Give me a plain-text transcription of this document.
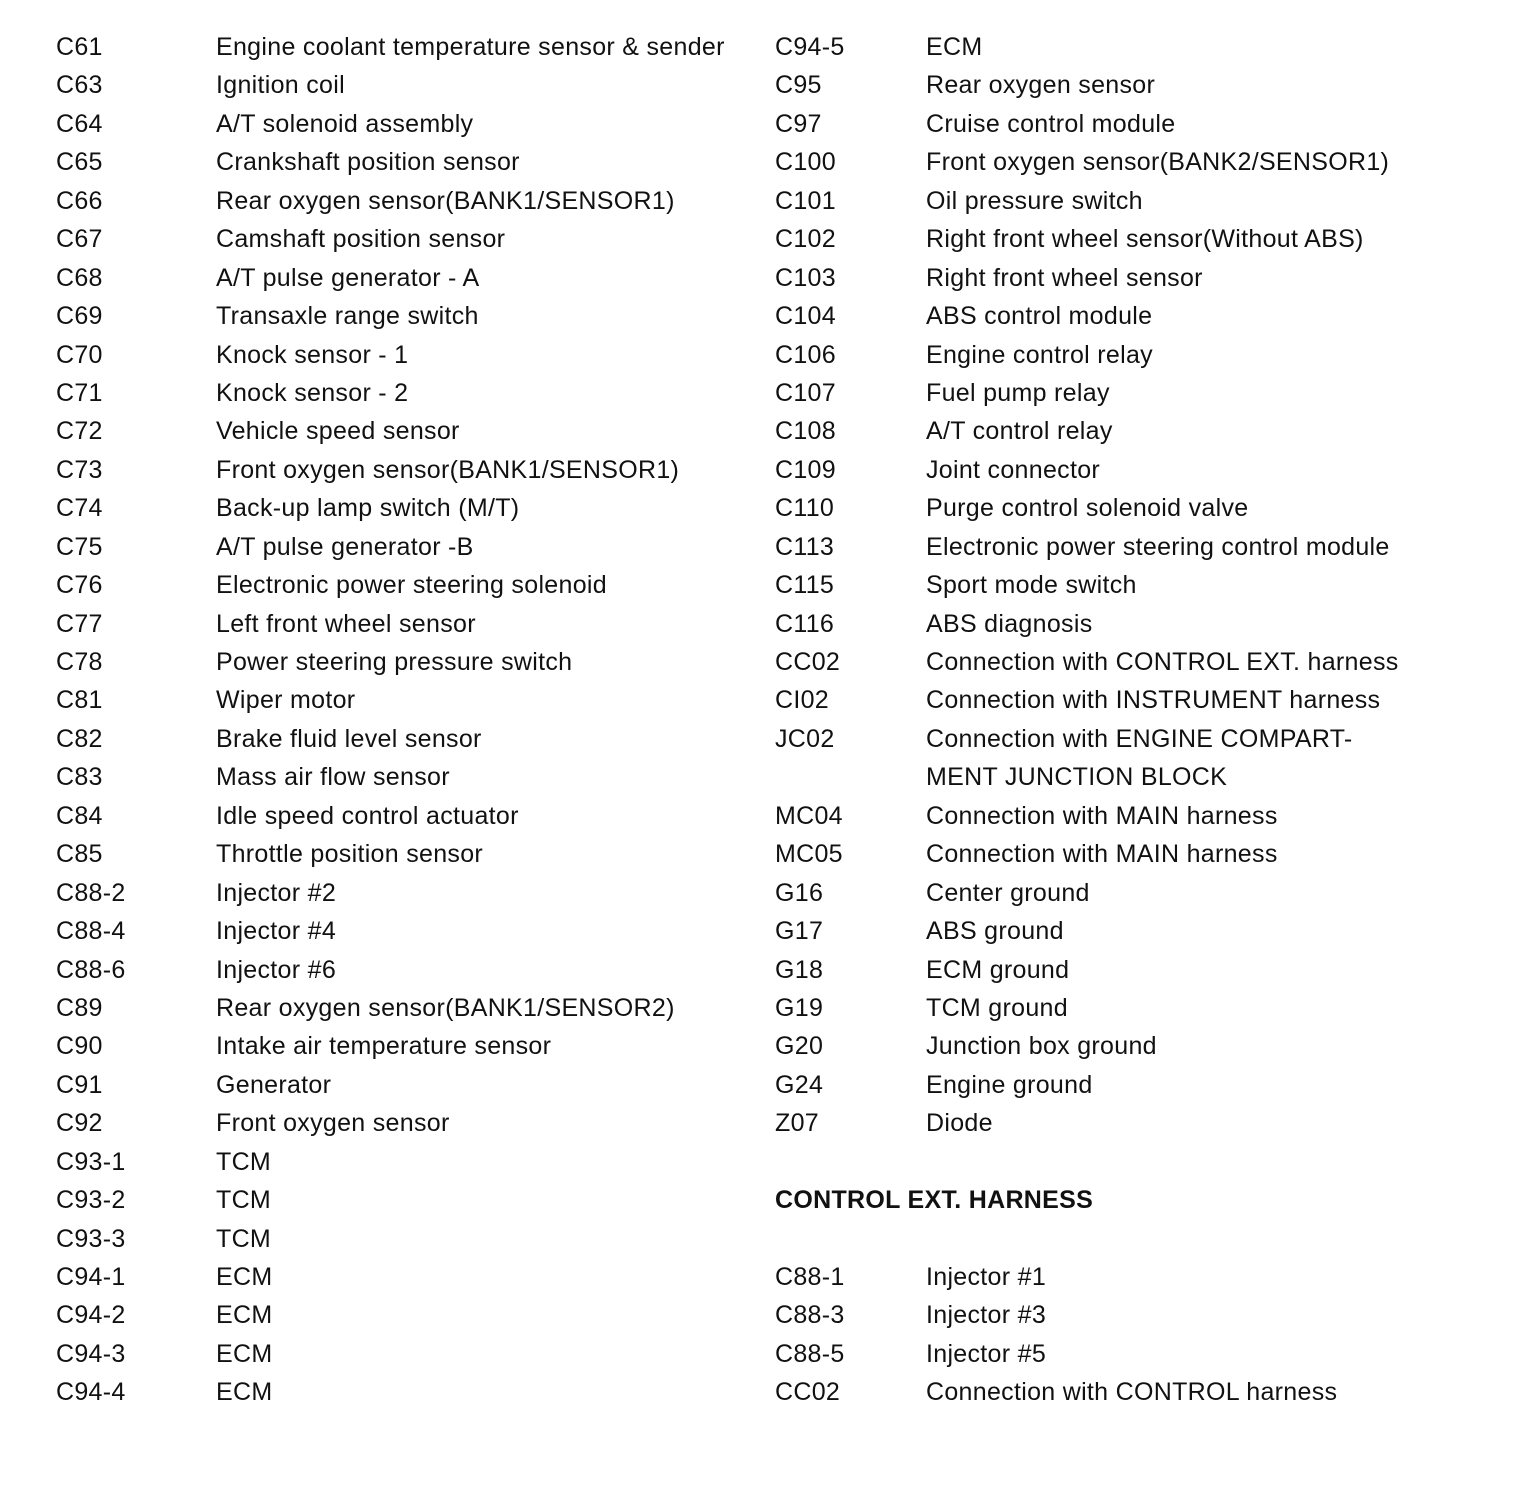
C61	Engine coolant temperature sensor & sender
C63	Ignition coil
C64	A/T solenoid assembly
C65	Crankshaft position sensor
C66	Rear oxygen sensor(BANK1/SENSOR1)
C67	Camshaft position sensor
C68	A/T pulse generator - A
C69	Transaxle range switch
C70	Knock sensor - 1
C71	Knock sensor - 2
C72	Vehicle speed sensor
C73	Front oxygen sensor(BANK1/SENSOR1)
C74	Back-up lamp switch (M/T)
C75	A/T pulse generator -B
C76	Electronic power steering solenoid
C77	Left front wheel sensor
C78	Power steering pressure switch
C81	Wiper motor
C82	Brake fluid level sensor
C83	Mass air flow sensor
C84	Idle speed control actuator
C85	Throttle position sensor
C88-2	Injector #2
C88-4	Injector #4
C88-6	Injector #6
C89	Rear oxygen sensor(BANK1/SENSOR2)
C90	Intake air temperature sensor
C91	Generator
C92	Front oxygen sensor
C93-1	TCM
C93-2	TCM
C93-3	TCM
C94-1	ECM
C94-2	ECM
C94-3	ECM
C94-4	ECM
C94-5	ECM
C95	Rear oxygen sensor
C97	Cruise control module
C100	Front oxygen sensor(BANK2/SENSOR1)
C101	Oil pressure switch
C102	Right front wheel sensor(Without ABS)
C103	Right front wheel sensor
C104	ABS control module
C106	Engine control relay
C107	Fuel pump relay
C108	A/T control relay
C109	Joint connector
C110	Purge control solenoid valve
C113	Electronic power steering control module
C115	Sport mode switch
C116	ABS diagnosis
CC02	Connection with CONTROL EXT. harness
CI02	Connection with INSTRUMENT harness
JC02	Connection with ENGINE COMPART-
MENT JUNCTION BLOCK
MC04	Connection with MAIN harness
MC05	Connection with MAIN harness
G16	Center ground
G17	ABS ground
G18	ECM ground
G19	TCM ground
G20	Junction box ground
G24	Engine ground
Z07	Diode
CONTROL EXT. HARNESS
C88-1	Injector #1
C88-3	Injector #3
C88-5	Injector #5
CC02	Connection with CONTROL harness
